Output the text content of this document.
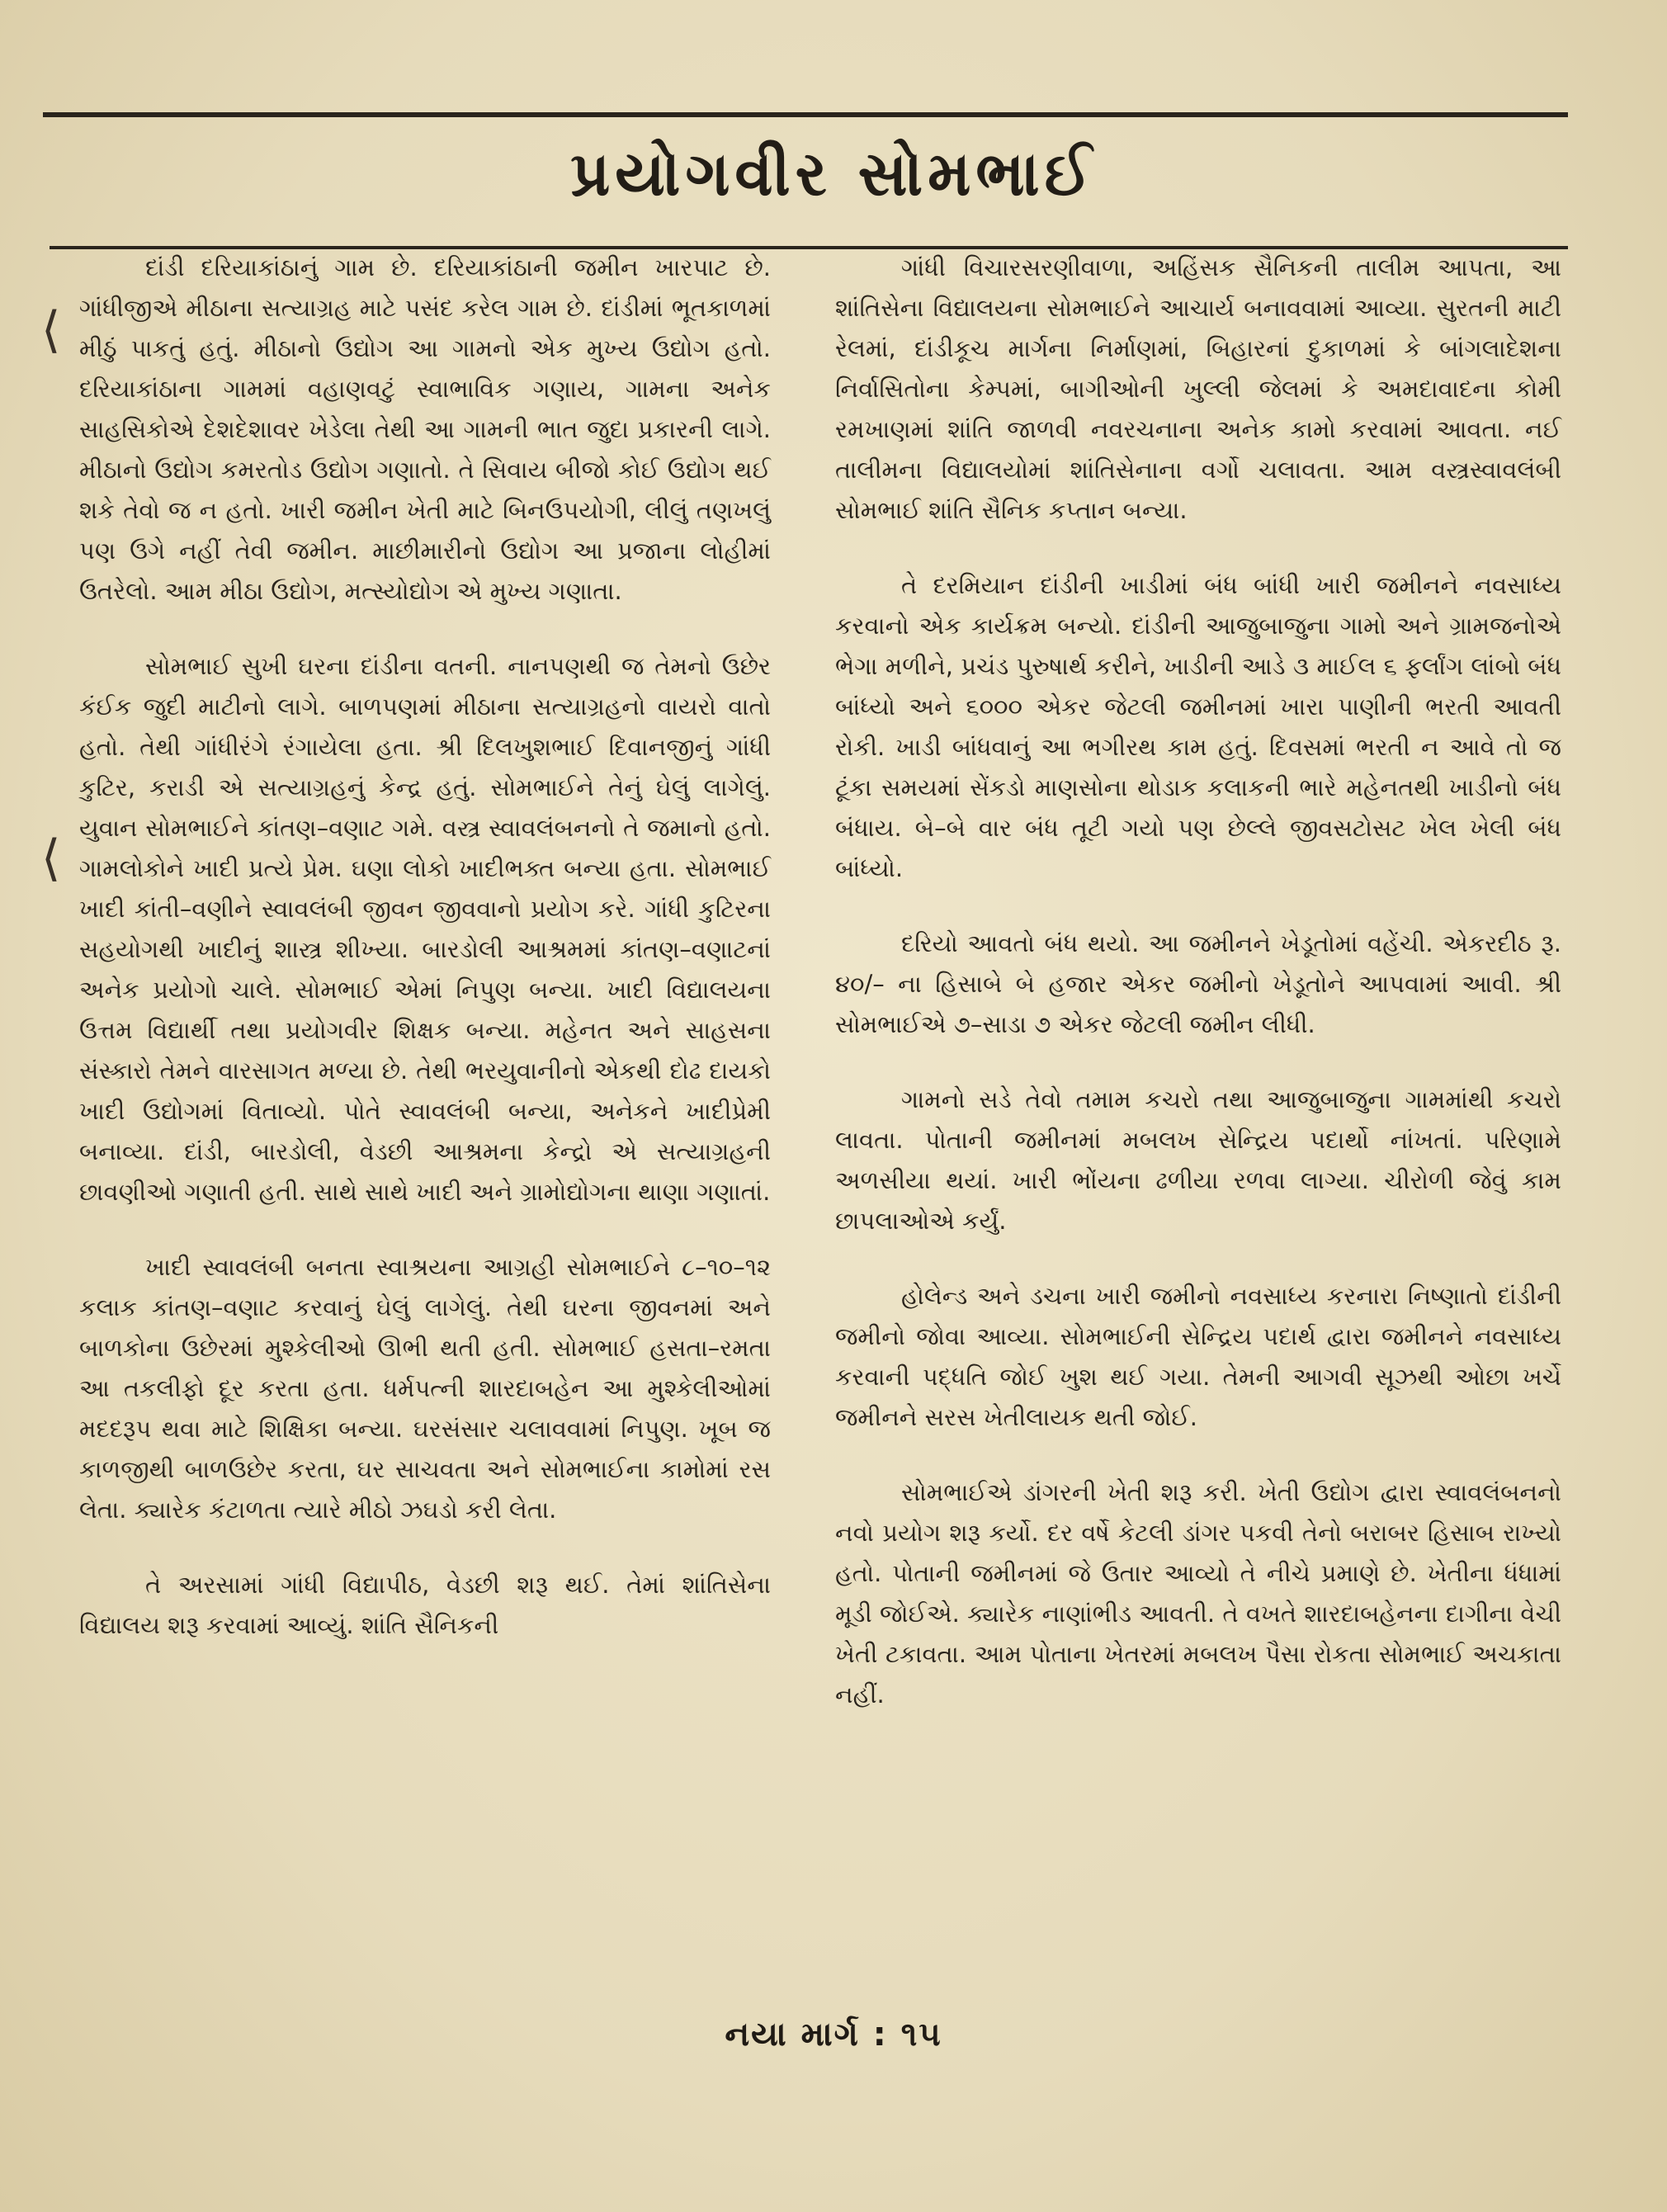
પ્રયોગવીર સોમભાઈ

દાંડી દરિયાકાંઠાનું ગામ છે. દરિયાકાંઠાની જમીન ખારપાટ છે. ગાંધીજીએ મીઠાના સત્યાગ્રહ માટે પસંદ કરેલ ગામ છે. દાંડીમાં ભૂતકાળમાં મીઠું પાકતું હતું. મીઠાનો ઉદ્યોગ આ ગામનો એક મુખ્ય ઉદ્યોગ હતો. દરિયાકાંઠાના ગામમાં વહાણવટું સ્વાભાવિક ગણાય, ગામના અનેક સાહસિકોએ દેશદેશાવર ખેડેલા તેથી આ ગામની ભાત જુદા પ્રકારની લાગે. મીઠાનો ઉદ્યોગ કમરતોડ ઉદ્યોગ ગણાતો. તે સિવાય બીજો કોઈ ઉદ્યોગ થઈ શકે તેવો જ ન હતો. ખારી જમીન ખેતી માટે બિનઉપયોગી, લીલું તણખલું પણ ઉગે નહીં તેવી જમીન. માછીમારીનો ઉદ્યોગ આ પ્રજાના લોહીમાં ઉતરેલો. આમ મીઠા ઉદ્યોગ, મત્સ્યોદ્યોગ એ મુખ્ય ગણાતા.

સોમભાઈ સુખી ઘરના દાંડીના વતની. નાનપણથી જ તેમનો ઉછેર કંઈક જુદી માટીનો લાગે. બાળપણમાં મીઠાના સત્યાગ્રહનો વાયરો વાતો હતો. તેથી ગાંધીરંગે રંગાયેલા હતા. શ્રી દિલખુશભાઈ દિવાનજીનું ગાંધી કુટિર, કરાડી એ સત્યાગ્રહનું કેન્દ્ર હતું. સોમભાઈને તેનું ઘેલું લાગેલું. યુવાન સોમભાઈને કાંતણ–વણાટ ગમે. વસ્ત્ર સ્વાવલંબનનો તે જમાનો હતો. ગામલોકોને ખાદી પ્રત્યે પ્રેમ. ઘણા લોકો ખાદીભક્ત બન્યા હતા. સોમભાઈ ખાદી કાંતી–વણીને સ્વાવલંબી જીવન જીવવાનો પ્રયોગ કરે. ગાંધી કુટિરના સહયોગથી ખાદીનું શાસ્ત્ર શીખ્યા. બારડોલી આશ્રમમાં કાંતણ–વણાટનાં અનેક પ્રયોગો ચાલે. સોમભાઈ એમાં નિપુણ બન્યા. ખાદી વિદ્યાલયના ઉત્તમ વિદ્યાર્થી તથા પ્રયોગવીર શિક્ષક બન્યા. મહેનત અને સાહસના સંસ્કારો તેમને વારસાગત મળ્યા છે. તેથી ભરયુવાનીનો એકથી દોઢ દાયકો ખાદી ઉદ્યોગમાં વિતાવ્યો. પોતે સ્વાવલંબી બન્યા, અનેકને ખાદીપ્રેમી બનાવ્યા. દાંડી, બારડોલી, વેડછી આશ્રમના કેન્દ્રો એ સત્યાગ્રહની છાવણીઓ ગણાતી હતી. સાથે સાથે ખાદી અને ગ્રામોદ્યોગના થાણા ગણાતાં.

ખાદી સ્વાવલંબી બનતા સ્વાશ્રયના આગ્રહી સોમભાઈને ૮–૧૦–૧૨ કલાક કાંતણ–વણાટ કરવાનું ઘેલું લાગેલું. તેથી ઘરના જીવનમાં અને બાળકોના ઉછેરમાં મુશ્કેલીઓ ઊભી થતી હતી. સોમભાઈ હસતા–રમતા આ તકલીફો દૂર કરતા હતા. ધર્મપત્ની શારદાબહેન આ મુશ્કેલીઓમાં મદદરૂપ થવા માટે શિક્ષિકા બન્યા. ઘરસંસાર ચલાવવામાં નિપુણ. ખૂબ જ કાળજીથી બાળઉછેર કરતા, ઘર સાચવતા અને સોમભાઈના કામોમાં રસ લેતા. ક્યારેક કંટાળતા ત્યારે મીઠો ઝઘડો કરી લેતા.

તે અરસામાં ગાંધી વિદ્યાપીઠ, વેડછી શરૂ થઈ. તેમાં શાંતિસેના વિદ્યાલય શરૂ કરવામાં આવ્યું. શાંતિ સૈનિકની

ગાંધી વિચારસરણીવાળા, અહિંસક સૈનિકની તાલીમ આપતા, આ શાંતિસેના વિદ્યાલયના સોમભાઈને આચાર્ય બનાવવામાં આવ્યા. સુરતની માટી રેલમાં, દાંડીકૂચ માર્ગના નિર્માણમાં, બિહારનાં દુકાળમાં કે બાંગલાદેશના નિર્વાસિતોના કેમ્પમાં, બાગીઓની ખુલ્લી જેલમાં કે અમદાવાદના કોમી રમખાણમાં શાંતિ જાળવી નવરચનાના અનેક કામો કરવામાં આવતા. નઈ તાલીમના વિદ્યાલયોમાં શાંતિસેનાના વર્ગો ચલાવતા. આમ વસ્ત્રસ્વાવલંબી સોમભાઈ શાંતિ સૈનિક કપ્તાન બન્યા.

તે દરમિયાન દાંડીની ખાડીમાં બંધ બાંધી ખારી જમીનને નવસાધ્ય કરવાનો એક કાર્યક્રમ બન્યો. દાંડીની આજુબાજુના ગામો અને ગ્રામજનોએ ભેગા મળીને, પ્રચંડ પુરુષાર્થ કરીને, ખાડીની આડે ૩ માઈલ ૬ ફર્લાંગ લાંબો બંધ બાંધ્યો અને ૬૦૦૦ એકર જેટલી જમીનમાં ખારા પાણીની ભરતી આવતી રોકી. ખાડી બાંધવાનું આ ભગીરથ કામ હતું. દિવસમાં ભરતી ન આવે તો જ ટૂંકા સમયમાં સેંકડો માણસોના થોડાક કલાકની ભારે મહેનતથી ખાડીનો બંધ બંધાય. બે–બે વાર બંધ તૂટી ગયો પણ છેલ્લે જીવસટોસટ ખેલ ખેલી બંધ બાંધ્યો.

દરિયો આવતો બંધ થયો. આ જમીનને ખેડૂતોમાં વહેંચી. એકરદીઠ રૂ. ૪૦/– ના હિસાબે બે હજાર એકર જમીનો ખેડૂતોને આપવામાં આવી. શ્રી સોમભાઈએ ૭–સાડા ૭ એકર જેટલી જમીન લીધી.

ગામનો સડે તેવો તમામ કચરો તથા આજુબાજુના ગામમાંથી કચરો લાવતા. પોતાની જમીનમાં મબલખ સેન્દ્રિય પદાર્થો નાંખતાં. પરિણામે અળસીયા થયાં. ખારી ભોંયના ઢળીયા રળવા લાગ્યા. ચીરોળી જેવું કામ છાપલાઓએ કર્યું.

હોલેન્ડ અને ડચના ખારી જમીનો નવસાધ્ય કરનારા નિષ્ણાતો દાંડીની જમીનો જોવા આવ્યા. સોમભાઈની સેન્દ્રિય પદાર્થ દ્વારા જમીનને નવસાધ્ય કરવાની પદ્ધતિ જોઈ ખુશ થઈ ગયા. તેમની આગવી સૂઝથી ઓછા ખર્ચે જમીનને સરસ ખેતીલાયક થતી જોઈ.

સોમભાઈએ ડાંગરની ખેતી શરૂ કરી. ખેતી ઉદ્યોગ દ્વારા સ્વાવલંબનનો નવો પ્રયોગ શરૂ કર્યો. દર વર્ષે કેટલી ડાંગર પકવી તેનો બરાબર હિસાબ રાખ્યો હતો. પોતાની જમીનમાં જે ઉતાર આવ્યો તે નીચે પ્રમાણે છે. ખેતીના ધંધામાં મૂડી જોઈએ. ક્યારેક નાણાંભીડ આવતી. તે વખતે શારદાબહેનના દાગીના વેચી ખેતી ટકાવતા. આમ પોતાના ખેતરમાં મબલખ પૈસા રોકતા સોમભાઈ અચકાતા નહીં.

⟨
⟨
નયા માર્ગ : ૧૫
